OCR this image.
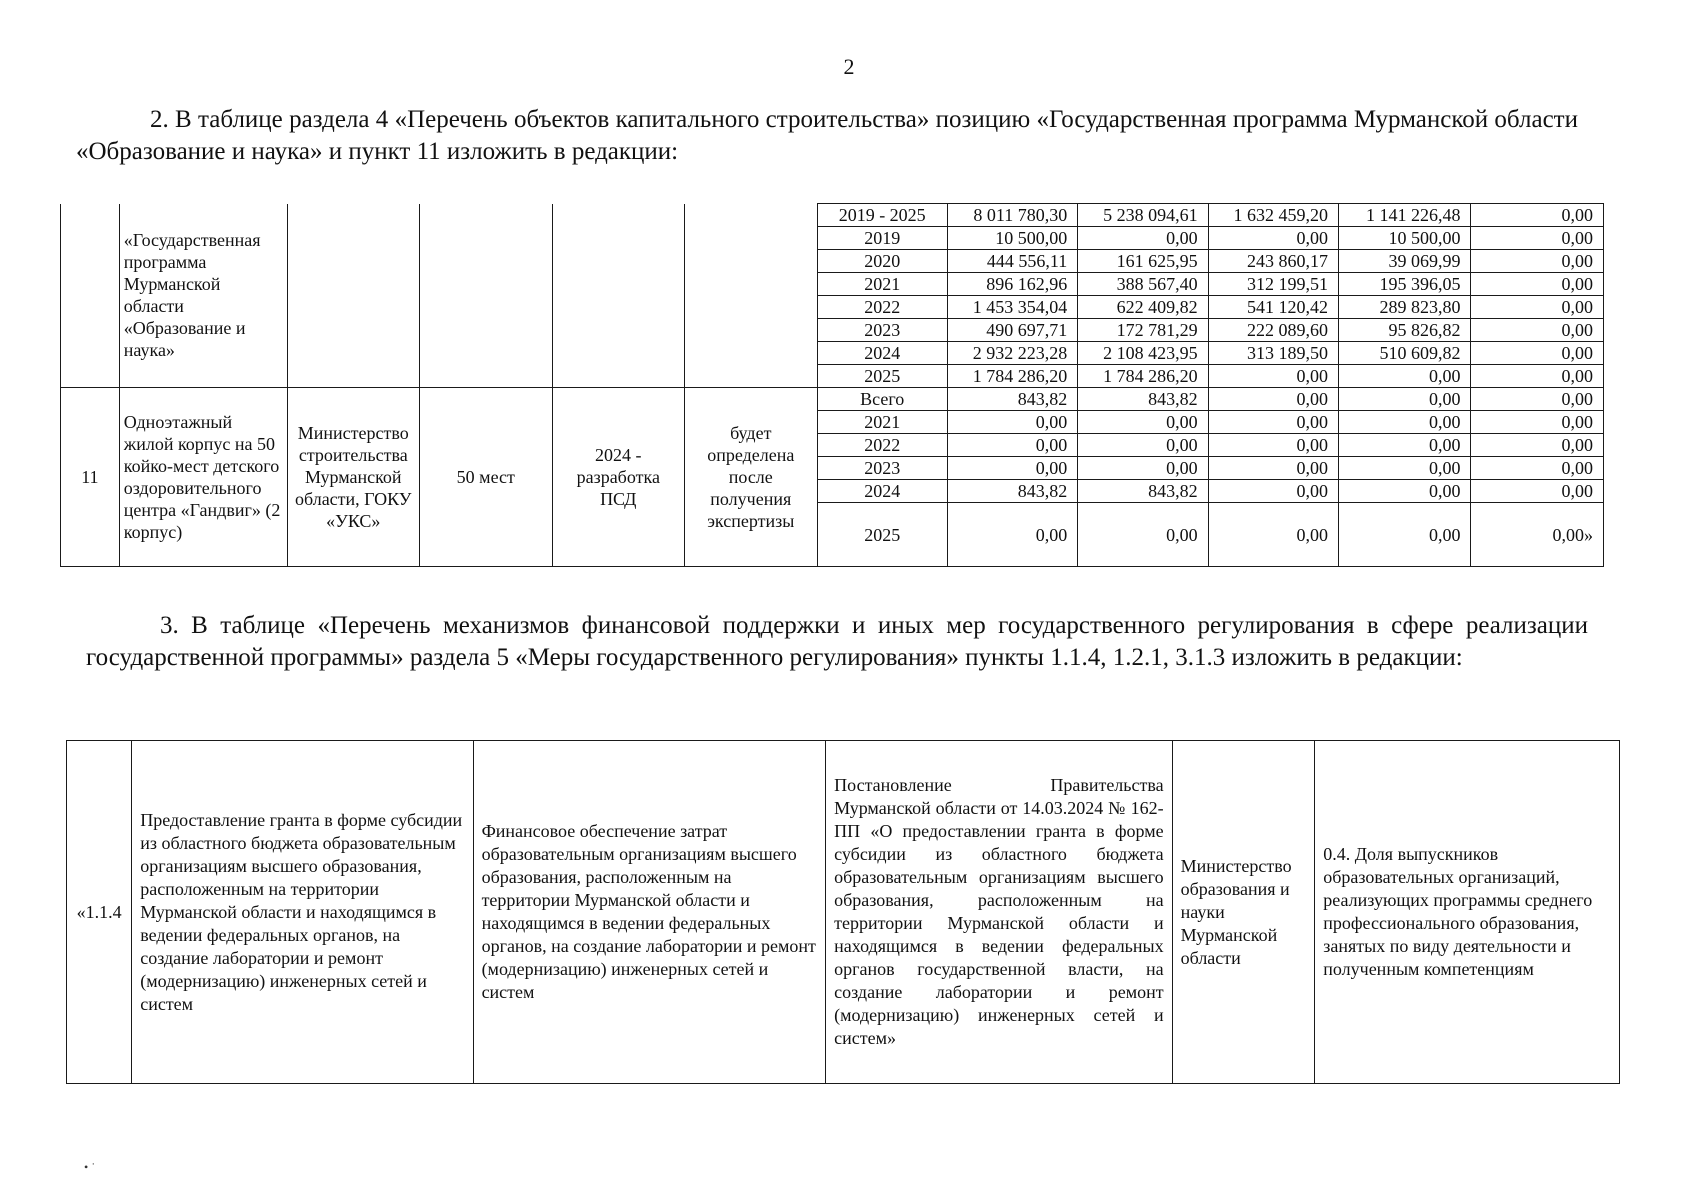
2

2. В таблице раздела 4 «Перечень объектов капитального строительства» позицию «Государственная программа Мурманской области «Образование и наука» и пункт 11 изложить в редакции:

	«Государственная программа Мурманской области «Образование и наука»					2019 - 2025	8 011 780,30	5 238 094,61	1 632 459,20	1 141 226,48	0,00
						2019	10 500,00	0,00	0,00	10 500,00	0,00
						2020	444 556,11	161 625,95	243 860,17	39 069,99	0,00
						2021	896 162,96	388 567,40	312 199,51	195 396,05	0,00
						2022	1 453 354,04	622 409,82	541 120,42	289 823,80	0,00
						2023	490 697,71	172 781,29	222 089,60	95 826,82	0,00
						2024	2 932 223,28	2 108 423,95	313 189,50	510 609,82	0,00
						2025	1 784 286,20	1 784 286,20	0,00	0,00	0,00
11	Одноэтажный жилой корпус на 50 койко-мест детского оздоровительного центра «Гандвиг» (2 корпус)	Министерство строительства Мурманской области, ГОКУ «УКС»	50 мест	2024 - разработка ПСД	будет определена после получения экспертизы	Всего	843,82	843,82	0,00	0,00	0,00
						2021	0,00	0,00	0,00	0,00	0,00
						2022	0,00	0,00	0,00	0,00	0,00
						2023	0,00	0,00	0,00	0,00	0,00
						2024	843,82	843,82	0,00	0,00	0,00
						2025	0,00	0,00	0,00	0,00	0,00»

3. В таблице «Перечень механизмов финансовой поддержки и иных мер государственного регулирования в сфере реализации государственной программы» раздела 5 «Меры государственного регулирования» пункты 1.1.4, 1.2.1, 3.1.3 изложить в редакции:

«1.1.4	Предоставление гранта в форме субсидии из областного бюджета образовательным организациям высшего образования, расположенным на территории Мурманской области и находящимся в ведении федеральных органов, на создание лаборатории и ремонт (модернизацию) инженерных сетей и систем	Финансовое обеспечение затрат образовательным организациям высшего образования, расположенным на территории Мурманской области и находящимся в ведении федеральных органов, на создание лаборатории и ремонт (модернизацию) инженерных сетей и систем	Постановление Правительства Мурманской области от 14.03.2024 № 162-ПП «О предоставлении гранта в форме субсидии из областного бюджета образовательным организациям высшего образования, расположенным на территории Мурманской области и находящимся в ведении федеральных органов государственной власти, на создание лаборатории и ремонт (модернизацию) инженерных сетей и систем»	Министерство образования и науки Мурманской области	0.4. Доля выпускников образовательных организаций, реализующих программы среднего профессионального образования, занятых по виду деятельности и полученным компетенциям
• ˙
